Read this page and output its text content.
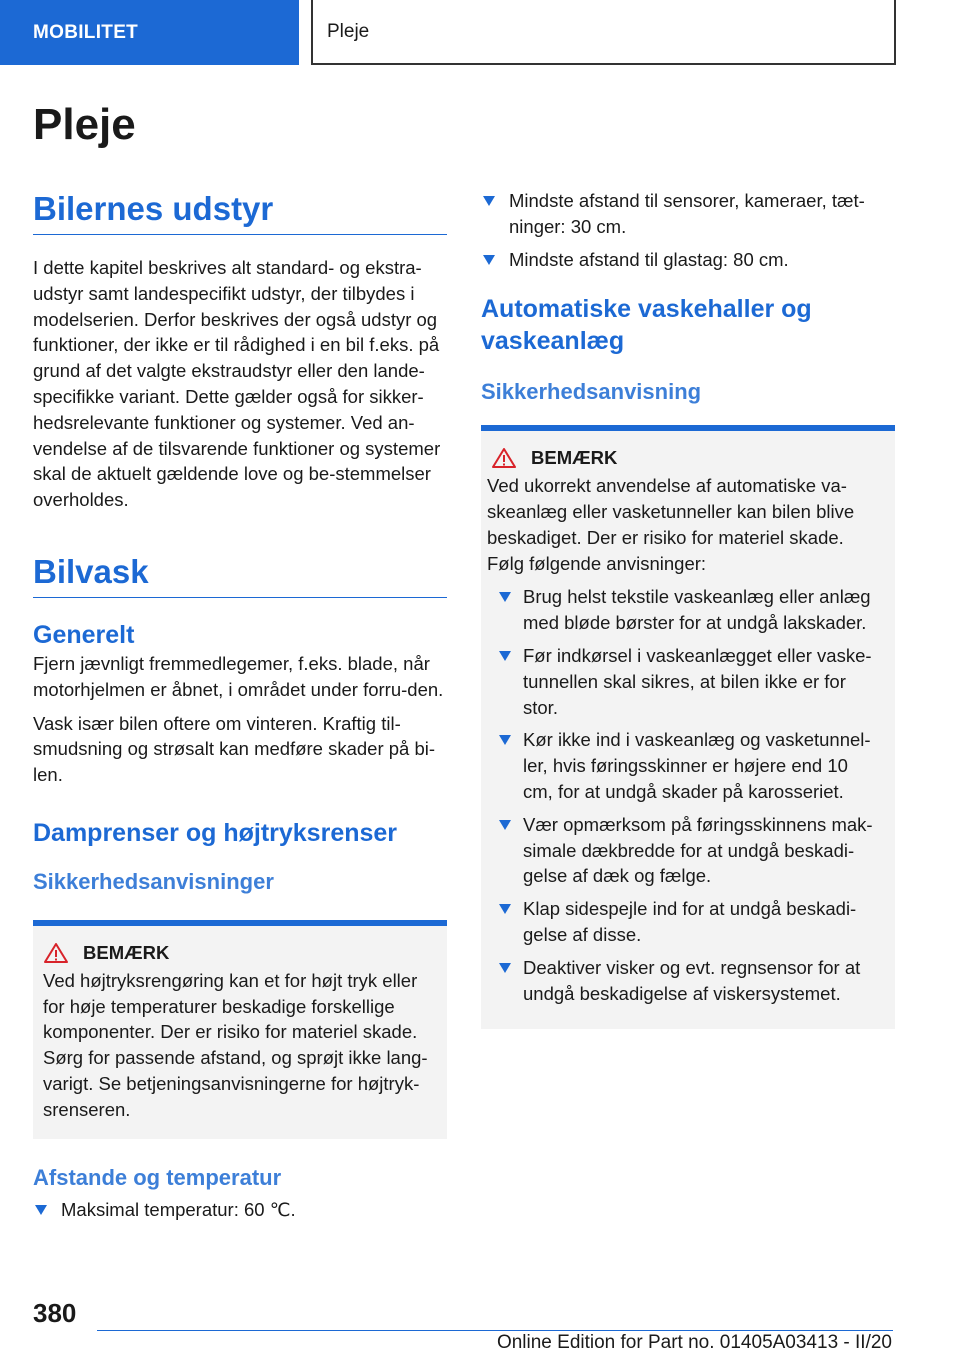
MOBILITET	Pleje
Pleje
Bilernes udstyr

I dette kapitel beskrives alt standard- og ekstra-udstyr samt landespecifikt udstyr, der tilbydes i modelserien. Derfor beskrives der også udstyr og funktioner, der ikke er til rådighed i en bil f.eks. på grund af det valgte ekstraudstyr eller den lande-specifikke variant. Dette gælder også for sikker-hedsrelevante funktioner og systemer. Ved an-vendelse af de tilsvarende funktioner og systemer skal de aktuelt gældende love og be-stemmelser overholdes.

Bilvask
Generelt

Fjern jævnligt fremmedlegemer, f.eks. blade, når motorhjelmen er åbnet, i området under forru-den.

Vask især bilen oftere om vinteren. Kraftig til-smudsning og strøsalt kan medføre skader på bi-len.

Damprenser og højtryksrenser
Sikkerhedsanvisninger
BEMÆRK

Ved højtryksrengøring kan et for højt tryk eller for høje temperaturer beskadige forskellige komponenter. Der er risiko for materiel skade. Sørg for passende afstand, og sprøjt ikke lang-varigt. Se betjeningsanvisningerne for højtryk-srenseren.

Afstande og temperatur
Maksimal temperatur: 60 ℃.
Mindste afstand til sensorer, kameraer, tæt-ninger: 30 cm.
Mindste afstand til glastag: 80 cm.
Automatiske vaskehaller og vaskeanlæg
Sikkerhedsanvisning
BEMÆRK

Ved ukorrekt anvendelse af automatiske va-skeanlæg eller vasketunneller kan bilen blive beskadiget. Der er risiko for materiel skade. Følg følgende anvisninger:

Brug helst tekstile vaskeanlæg eller anlæg med bløde børster for at undgå lakskader.
Før indkørsel i vaskeanlægget eller vaske-tunnellen skal sikres, at bilen ikke er for stor.
Kør ikke ind i vaskeanlæg og vasketunnel-ler, hvis føringsskinner er højere end 10 cm, for at undgå skader på karosseriet.
Vær opmærksom på føringsskinnens mak-simale dækbredde for at undgå beskadi-gelse af dæk og fælge.
Klap sidespejle ind for at undgå beskadi-gelse af disse.
Deaktiver visker og evt. regnsensor for at undgå beskadigelse af viskersystemet.
380
Online Edition for Part no. 01405A03413 - II/20
